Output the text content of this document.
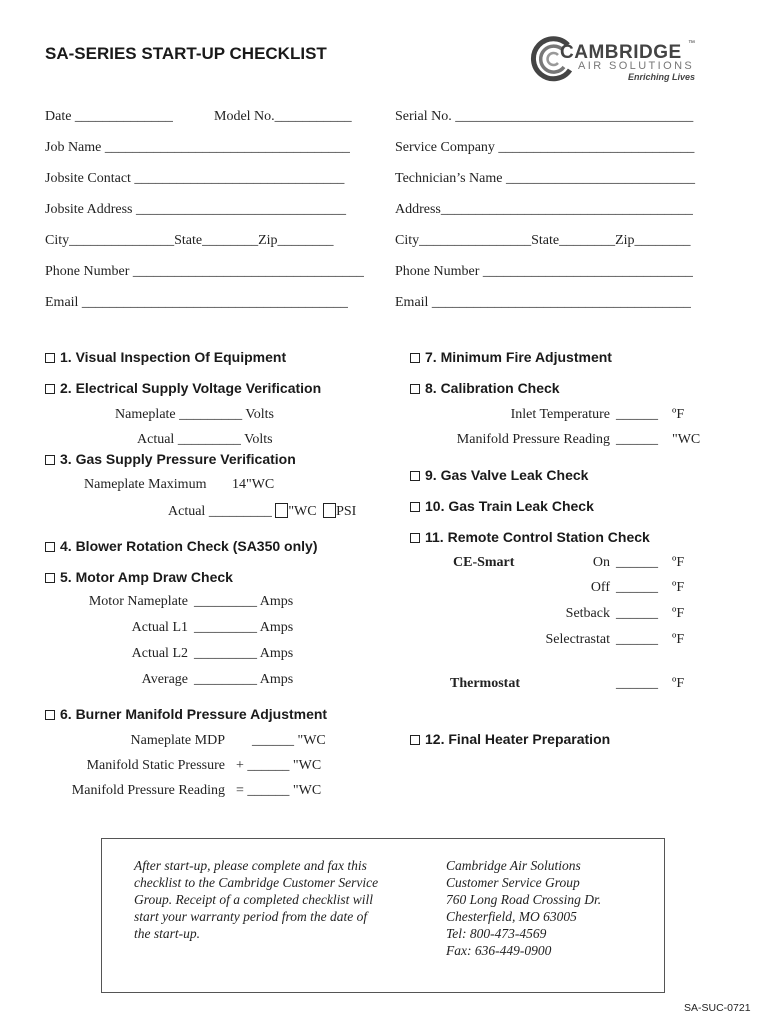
SA-SERIES START-UP CHECKLIST	CAMBRIDGE ™
AIR SOLUTIONS
Enriching Lives
Date ______________	Model No.___________
Job Name ___________________________________
Jobsite Contact ______________________________
Jobsite Address ______________________________
City_______________State________Zip________
Phone Number _________________________________
Email ______________________________________
Serial No. __________________________________
Service Company ____________________________
Technician’s Name ___________________________
Address____________________________________
City________________State________Zip________
Phone Number ______________________________
Email _____________________________________
1. Visual Inspection Of Equipment
2. Electrical Supply Voltage Verification
Nameplate _________ Volts
Actual _________ Volts
3. Gas Supply Pressure Verification
Nameplate Maximum 14"WC
Actual _________ "WC PSI
4. Blower Rotation Check (SA350 only)
5. Motor Amp Draw Check
Motor Nameplate _________ Amps
Actual L1 _________ Amps
Actual L2 _________ Amps
Average _________ Amps
6. Burner Manifold Pressure Adjustment
Nameplate MDP ______ "WC
Manifold Static Pressure + ______ "WC
Manifold Pressure Reading = ______ "WC
7. Minimum Fire Adjustment
8. Calibration Check
Inlet Temperature ______ ºF
Manifold Pressure Reading ______ "WC
9. Gas Valve Leak Check
10. Gas Train Leak Check
11. Remote Control Station Check
CE-Smart	On ______ ºF
Off ______ ºF
Setback ______ ºF
Selectrastat ______ ºF
Thermostat	______ ºF
12. Final Heater Preparation
After start-up, please complete and fax this
checklist to the Cambridge Customer Service
Group. Receipt of a completed checklist will
start your warranty period from the date of
the start-up.
Cambridge Air Solutions
Customer Service Group
760 Long Road Crossing Dr.
Chesterfield, MO 63005
Tel: 800-473-4569
Fax: 636-449-0900
SA-SUC-0721
